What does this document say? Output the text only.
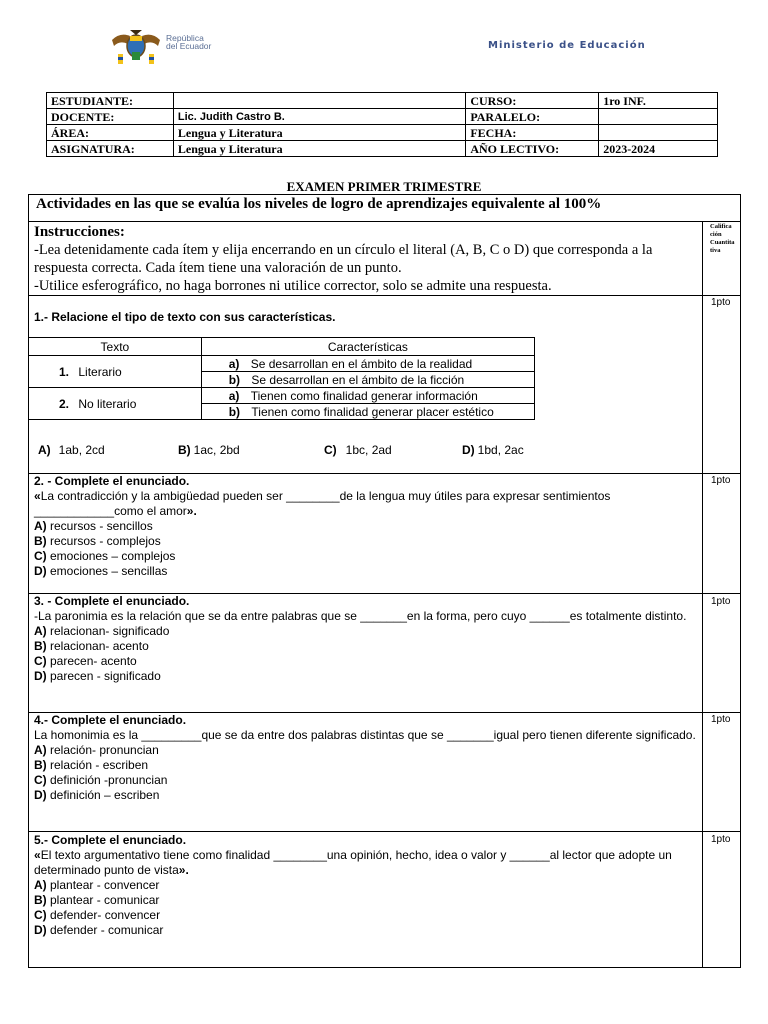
República
del Ecuador	Ministerio de Educación
ESTUDIANTE:		CURSO:	1ro INF.
DOCENTE:	Lic. Judith Castro B.	PARALELO:	
ÁREA:	Lengua y Literatura	FECHA:	
ASIGNATURA:	Lengua y Literatura	AÑO LECTIVO:	2023-2024
EXAMEN PRIMER TRIMESTRE
Actividades en las que se evalúa los niveles de logro de aprendizajes equivalente al 100%
Instrucciones:
-Lea detenidamente cada ítem y elija encerrando en un círculo el literal (A, B, C o D) que corresponda a la respuesta correcta. Cada ítem tiene una valoración de un punto.
-Utilice esferográfico, no haga borrones ni utilice corrector, solo se admite una respuesta.
Califica
ción
Cuantita
tiva
1pto
1pto
1pto
1pto
1pto
1.- Relacione el tipo de texto con sus características.
Texto	Características
1. Literario	a) Se desarrollan en el ámbito de la realidad
	b) Se desarrollan en el ámbito de la ficción
2. No literario	a) Tienen como finalidad generar información
	b) Tienen como finalidad generar placer estético
A) 1ab, 2cd	B) 1ac, 2bd	C) 1bc, 2ad	D) 1bd, 2ac
2. - Complete el enunciado.
«La contradicción y la ambigüedad pueden ser ________de la lengua muy útiles para expresar sentimientos ____________como el amor».
A) recursos - sencillos
B) recursos - complejos
C) emociones – complejos
D) emociones – sencillas
3. - Complete el enunciado.
-La paronimia es la relación que se da entre palabras que se _______en la forma, pero cuyo ______es totalmente distinto.
A) relacionan- significado
B) relacionan- acento
C) parecen- acento
D) parecen - significado
4.- Complete el enunciado.
La homonimia es la _________que se da entre dos palabras distintas que se _______igual pero tienen diferente significado.
A) relación- pronuncian
B) relación - escriben
C) definición -pronuncian
D) definición – escriben
5.- Complete el enunciado.
«El texto argumentativo tiene como finalidad ________una opinión, hecho, idea o valor y ______al lector que adopte un determinado punto de vista».
A) plantear - convencer
B) plantear - comunicar
C) defender- convencer
D) defender - comunicar
